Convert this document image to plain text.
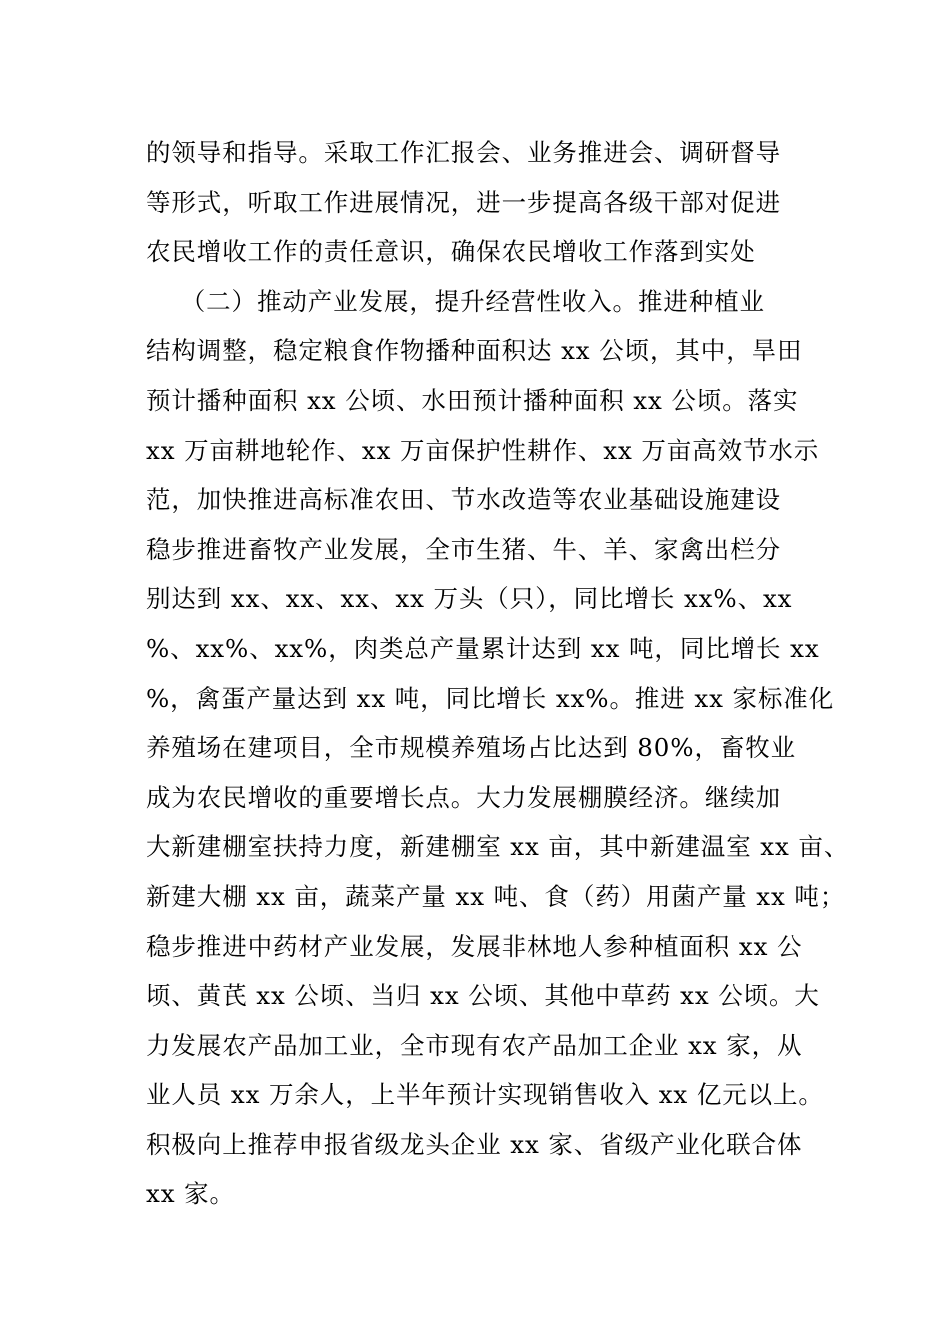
的领导和指导。采取工作汇报会、业务推进会、调研督导
等形式，听取工作进展情况，进一步提高各级干部对促进
农民增收工作的责任意识，确保农民增收工作落到实处
（二）推动产业发展，提升经营性收入。推进种植业
结构调整，稳定粮食作物播种面积达 xx 公顷，其中，旱田
预计播种面积 xx 公顷、水田预计播种面积 xx 公顷。落实
xx 万亩耕地轮作、xx 万亩保护性耕作、xx 万亩高效节水示
范，加快推进高标准农田、节水改造等农业基础设施建设
稳步推进畜牧产业发展，全市生猪、牛、羊、家禽出栏分
别达到 xx、xx、xx、xx 万头（只），同比增长 xx%、xx
%、xx%、xx%，肉类总产量累计达到 xx 吨，同比增长 xx
%，禽蛋产量达到 xx 吨，同比增长 xx%。推进 xx 家标准化
养殖场在建项目，全市规模养殖场占比达到 80%，畜牧业
成为农民增收的重要增长点。大力发展棚膜经济。继续加
大新建棚室扶持力度，新建棚室 xx 亩，其中新建温室 xx 亩、
新建大棚 xx 亩，蔬菜产量 xx 吨、食（药）用菌产量 xx 吨；
稳步推进中药材产业发展，发展非林地人参种植面积 xx 公
顷、黄芪 xx 公顷、当归 xx 公顷、其他中草药 xx 公顷。大
力发展农产品加工业，全市现有农产品加工企业 xx 家，从
业人员 xx 万余人，上半年预计实现销售收入 xx 亿元以上。
积极向上推荐申报省级龙头企业 xx 家、省级产业化联合体
xx 家。
